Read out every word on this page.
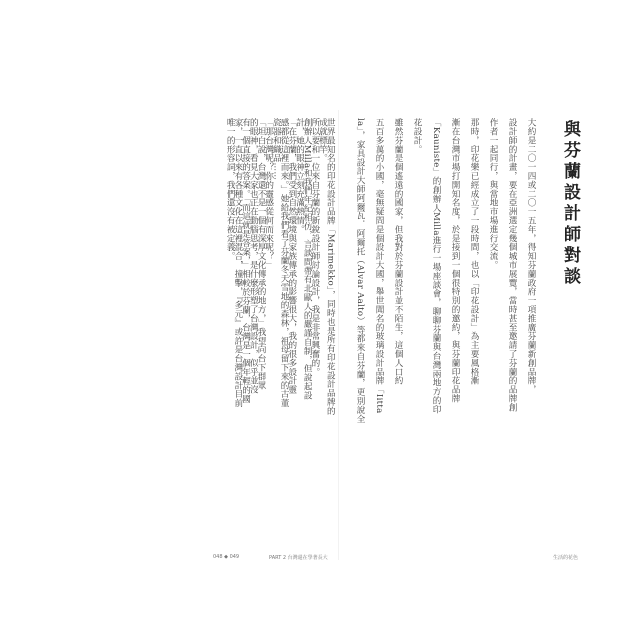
世界最知名的印花設計品牌「Marimekko」，同時也是所有印花設計品牌的
成就標竿。
所以要和一位來自芬蘭的新銳設計師討論設計，我是非常興奮的。
創辦人Milla和我們年紀相仿，言談間帶有北歐人的嚴謹自制，但說起設
計，她的眼神立刻充滿熱情。
「在芬蘭，我們受到自然環境與家族傳承的影響很大，我的很多設計靈
感都從這裡而來。」她給我們看了芬蘭冬天雪地的森林，祖母留下來的古董
瓷器和織品……
「那台灣呢？你的靈感從何而來呢？」
「坦白說，台灣還不是一個有深厚文化傳承的地方，」我望向台下群眾
的眼神，看見大家也正在動腦思考，是什麼形塑了台灣設計，似乎並沒
有一個直接的答案。「而這就是答案，」相較於芬蘭，台灣是一個年輕的國
家，一直以來有各種文化在這裡混合，撞擊，『多元』或許是台灣設計目前
唯一的形容詞，我們還沒有被定義。	大約是二〇一四或二〇一五年，得知芬蘭政府一項推廣芬蘭新創品牌，
設計師的計畫，要在亞洲選定幾個城市展覽，當時甚至邀請了芬蘭的品牌創
作者一起同行，與當地市場進行交流。
那時，印花樂已經成立了一段時間，也以「印花設計」為主要風格漸
漸在台灣市場打開知名度，於是接到一個很特別的邀約，與芬蘭印花品牌
「Kauniste」的創辦人Milla進行一場座談會，聊聊芬蘭與台灣兩地方的印
花設計。
雖然芬蘭是個遙遠的國家，但我對於芬蘭設計並不陌生，這個人口約
五百多萬的小國，毫無疑問是個設計大國，舉世聞名的玻璃設計品牌「Iitta
la」，家具設計大師阿爾瓦．阿爾托（Alvar Aalto）等都來自芬蘭，更別說全	與芬蘭設計師對談
048 ◆ 049	PART 2 台灣還在學著長大	生活的花色
